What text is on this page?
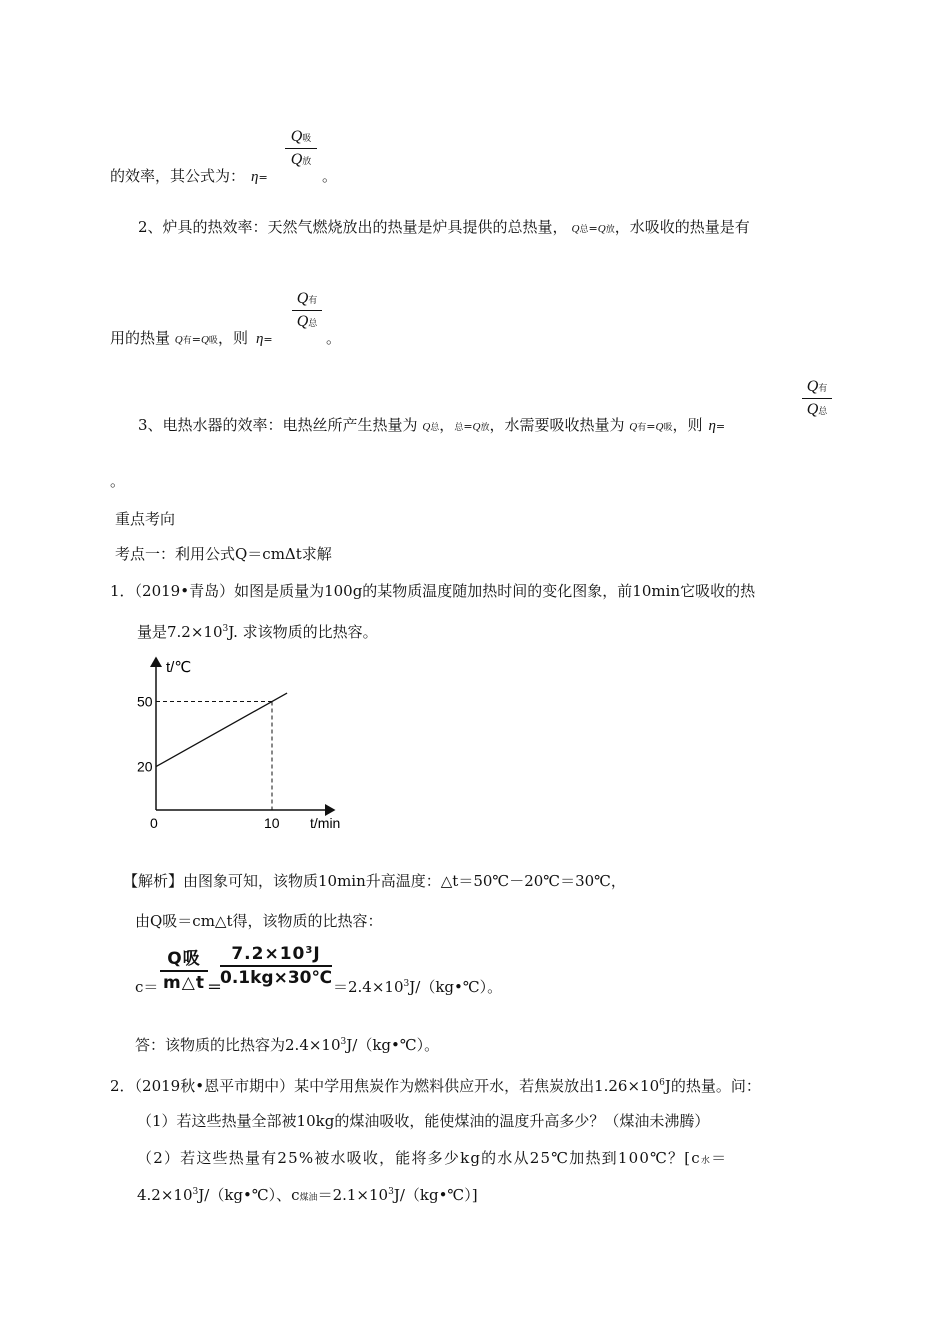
Q吸
Q放
的效率，其公式为： η=	。
2、炉具的热效率：天然气燃烧放出的热量是炉具提供的总热量， Q总=Q放，水吸收的热量是有
Q有
Q总
用的热量 Q有=Q吸，则 η=	。
Q有
Q总
3、电热水器的效率：电热丝所产生热量为 Q总，总=Q放，水需要吸收热量为 Q有=Q吸，则 η=
。
重点考向
考点一：利用公式Q＝cmΔt求解
1．（2019•青岛）如图是质量为100g的某物质温度随加热时间的变化图象，前10min它吸收的热
量是$7.2\times 10^3J$. 求该物质的比热容。
t/℃
t/min
20
50
0	10
【解析】由图象可知，该物质10min升高温度：△t＝50℃－20℃＝30℃，
由Q吸＝cm△t得，该物质的比热容：
c＝
Q吸
m△t ＝
$7.2\times 10^3J$
0.1kg×30℃ $=2.4\times 10^3J/(kg•℃)$。
答：该物质的比热容为$2.4\times 10^3J/(kg•℃)$。
2．（2019秋•恩平市期中）某中学用焦炭作为燃料供应开水，若焦炭放出$1.26\times 10^6J$的热量。问：
（1）若这些热量全部被10kg的煤油吸收，能使煤油的温度升高多少？（煤油未沸腾）
（2）若这些热量有25%被水吸收，能将多少kg的水从25℃加热到100℃？[c水＝
$4.2\times 10^3J/(kg•℃)$、c煤油$=2.1\times 10^3J/(kg•℃)$]
